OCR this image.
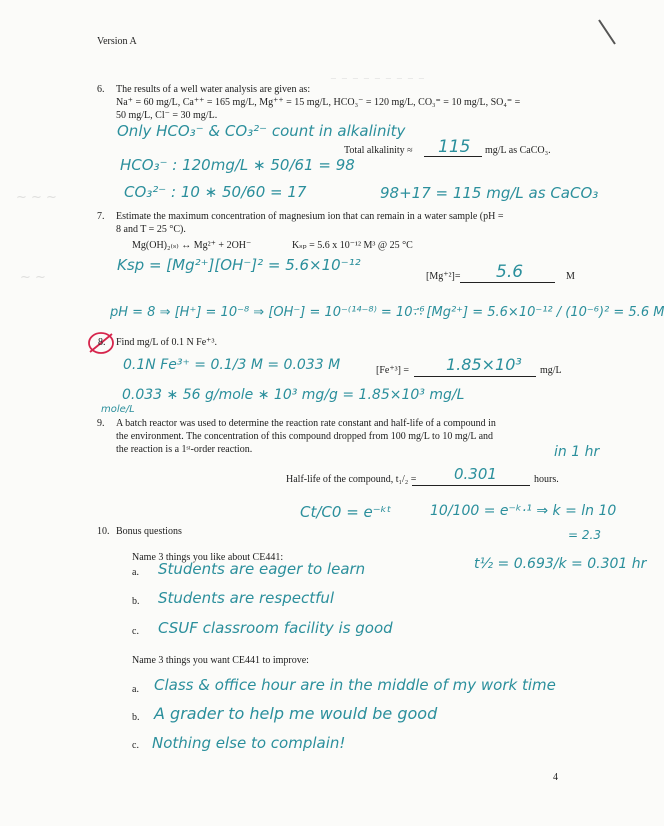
Version A
⁻ ⁻ ⁻ ⁻ ⁻ ⁻ ⁻ ⁻ ⁻
~ ~ ~
~ ~
6. The results of a well water analysis are given as:
Na⁺ = 60 mg/L, Ca⁺⁺ = 165 mg/L, Mg⁺⁺ = 15 mg/L, HCO₃⁻ = 120 mg/L, CO₃⁼ = 10 mg/L, SO₄⁼ =
50 mg/L, Cl⁻ = 30 mg/L.
Only HCO₃⁻ & CO₃²⁻ count in alkalinity
Total alkalinity ≈ 115 mg/L as CaCO₃.
HCO₃⁻ : 120mg/L ∗ 50/61 = 98
CO₃²⁻ : 10 ∗ 50/60 = 17	98+17 = 115 mg/L as CaCO₃
7. Estimate the maximum concentration of magnesium ion that can remain in a water sample (pH =
8 and T = 25 °C).
Mg(OH)₂₍ₛ₎ ↔ Mg²⁺ + 2OH⁻	Kₛₚ = 5.6 x 10⁻¹² M³ @ 25 °C
Ksp = [Mg²⁺][OH⁻]² = 5.6×10⁻¹²
[Mg⁺²]= 5.6	M
pH = 8 ⇒ [H⁺] = 10⁻⁸ ⇒ [OH⁻] = 10⁻⁽¹⁴⁻⁸⁾ = 10⁻⁶
∴ [Mg²⁺] = 5.6×10⁻¹² / (10⁻⁶)² = 5.6 M
8. Find mg/L of 0.1 N Fe⁺³.
0.1N Fe³⁺ = 0.1/3 M = 0.033 M	[Fe⁺³] = 1.85×10³ mg/L
0.033 ∗ 56 g/mole ∗ 10³ mg/g = 1.85×10³ mg/L
mole/L
9. A batch reactor was used to determine the reaction rate constant and half-life of a compound in
the environment. The concentration of this compound dropped from 100 mg/L to 10 mg/L and
the reaction is a 1ˢᵗ-order reaction.	in 1 hr
Half-life of the compound, t₁/₂ =	0.301	hours.
Ct/C0 = e⁻ᵏᵗ	10/100 = e⁻ᵏ·¹ ⇒ k = ln 10
= 2.3
t½ = 0.693/k = 0.301 hr
10. Bonus questions
Name 3 things you like about CE441:
a. Students are eager to learn
b. Students are respectful
c. CSUF classroom facility is good
Name 3 things you want CE441 to improve:
a. Class & office hour are in the middle of my work time
b. A grader to help me would be good
c. Nothing else to complain!
4
